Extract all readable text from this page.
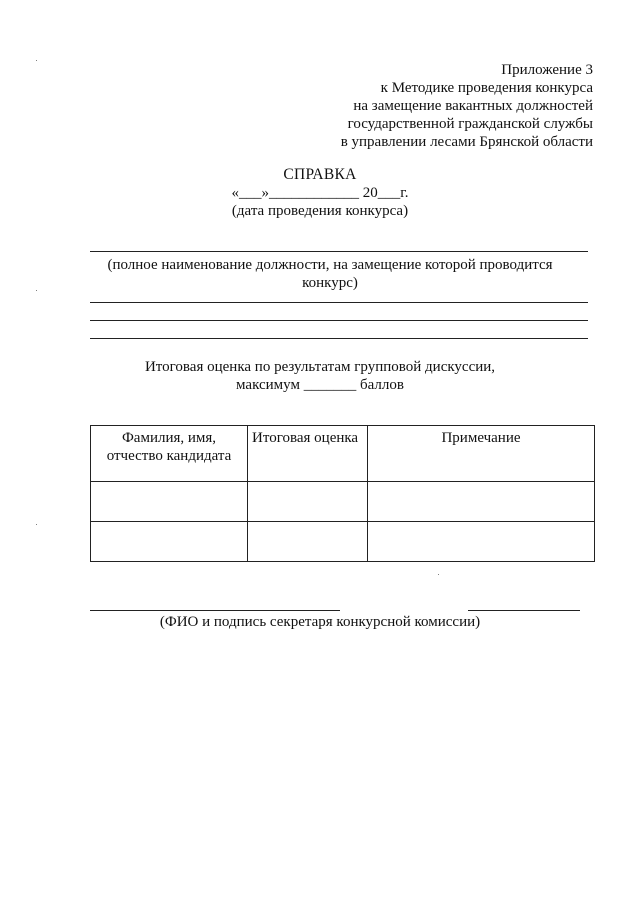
Приложение 3
к Методике проведения конкурса
на замещение вакантных должностей
государственной гражданской службы
в управлении лесами Брянской области
СПРАВКА
«___»____________ 20___г.
(дата проведения конкурса)
(полное наименование должности, на замещение которой проводится
конкурс)
Итоговая оценка по результатам групповой дискуссии,
максимум _______ баллов
Фамилия, имя, отчество кандидата	Итоговая оценка	Примечание

(ФИО и подпись секретаря конкурсной комиссии)
